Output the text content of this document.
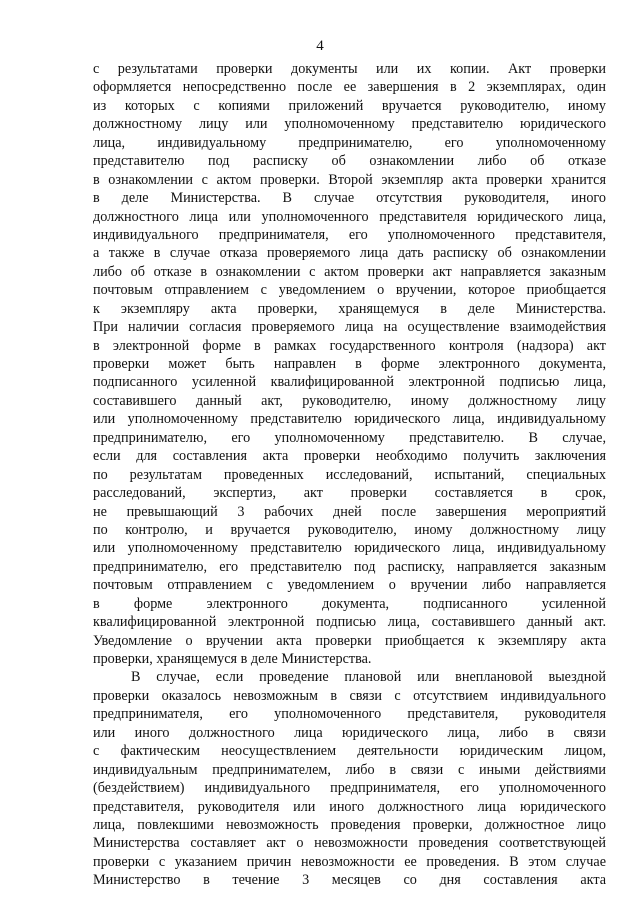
4
с результатами проверки документы или их копии. Акт проверки
оформляется непосредственно после ее завершения в 2 экземплярах, один
из которых с копиями приложений вручается руководителю, иному
должностному лицу или уполномоченному представителю юридического
лица, индивидуальному предпринимателю, его уполномоченному
представителю под расписку об ознакомлении либо об отказе
в ознакомлении с актом проверки. Второй экземпляр акта проверки хранится
в деле Министерства. В случае отсутствия руководителя, иного
должностного лица или уполномоченного представителя юридического лица,
индивидуального предпринимателя, его уполномоченного представителя,
а также в случае отказа проверяемого лица дать расписку об ознакомлении
либо об отказе в ознакомлении с актом проверки акт направляется заказным
почтовым отправлением с уведомлением о вручении, которое приобщается
к экземпляру акта проверки, хранящемуся в деле Министерства.
При наличии согласия проверяемого лица на осуществление взаимодействия
в электронной форме в рамках государственного контроля (надзора) акт
проверки может быть направлен в форме электронного документа,
подписанного усиленной квалифицированной электронной подписью лица,
составившего данный акт, руководителю, иному должностному лицу
или уполномоченному представителю юридического лица, индивидуальному
предпринимателю, его уполномоченному представителю. В случае,
если для составления акта проверки необходимо получить заключения
по результатам проведенных исследований, испытаний, специальных
расследований, экспертиз, акт проверки составляется в срок,
не превышающий 3 рабочих дней после завершения мероприятий
по контролю, и вручается руководителю, иному должностному лицу
или уполномоченному представителю юридического лица, индивидуальному
предпринимателю, его представителю под расписку, направляется заказным
почтовым отправлением с уведомлением о вручении либо направляется
в форме электронного документа, подписанного усиленной
квалифицированной электронной подписью лица, составившего данный акт.
Уведомление о вручении акта проверки приобщается к экземпляру акта
проверки, хранящемуся в деле Министерства.
В случае, если проведение плановой или внеплановой выездной
проверки оказалось невозможным в связи с отсутствием индивидуального
предпринимателя, его уполномоченного представителя, руководителя
или иного должностного лица юридического лица, либо в связи
с фактическим неосуществлением деятельности юридическим лицом,
индивидуальным предпринимателем, либо в связи с иными действиями
(бездействием) индивидуального предпринимателя, его уполномоченного
представителя, руководителя или иного должностного лица юридического
лица, повлекшими невозможность проведения проверки, должностное лицо
Министерства составляет акт о невозможности проведения соответствующей
проверки с указанием причин невозможности ее проведения. В этом случае
Министерство в течение 3 месяцев со дня составления акта
